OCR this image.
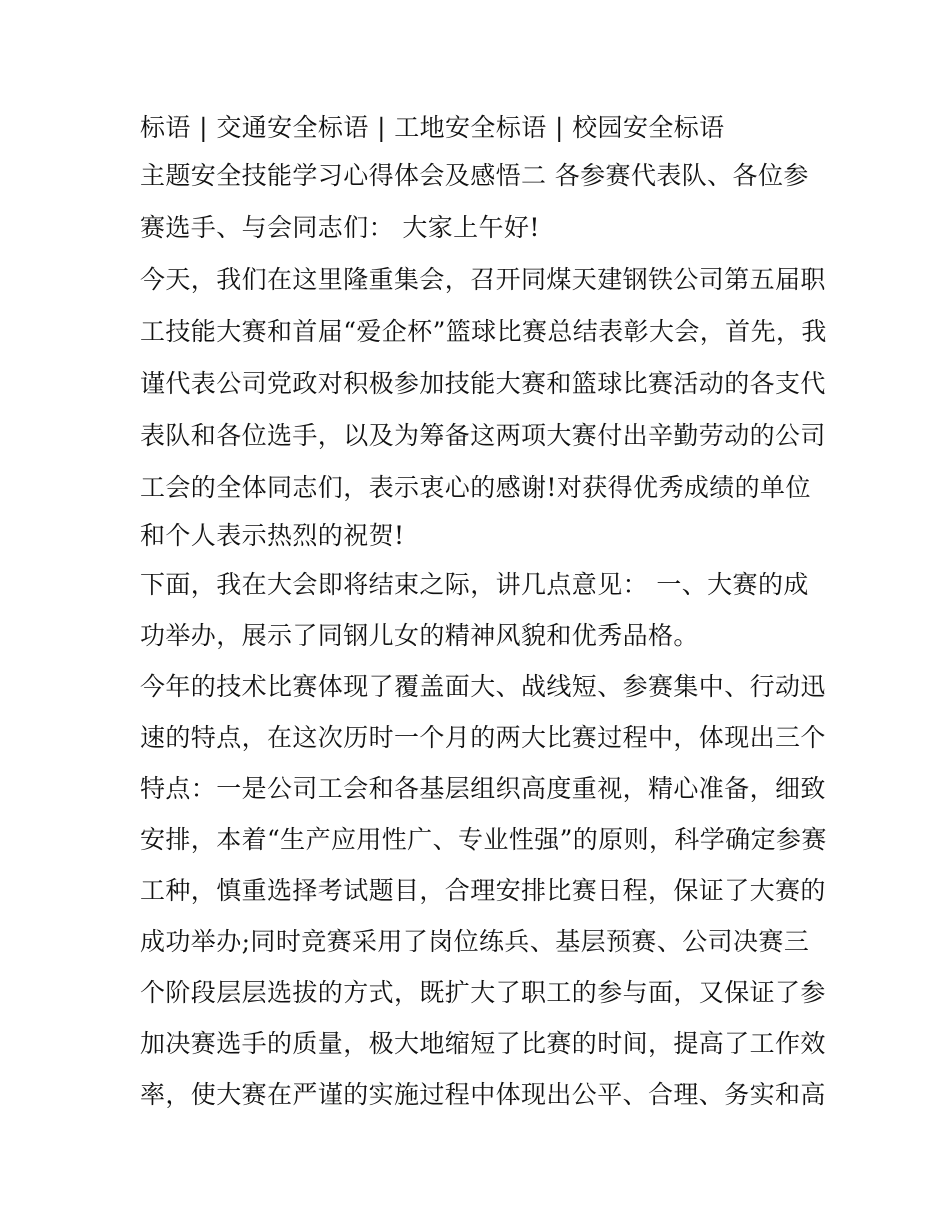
标语 | 交通安全标语 | 工地安全标语 | 校园安全标语
主题安全技能学习心得体会及感悟二 各参赛代表队、各位参
赛选手、与会同志们： 大家上午好!
今天，我们在这里隆重集会，召开同煤天建钢铁公司第五届职
工技能大赛和首届“爱企杯”篮球比赛总结表彰大会，首先，我
谨代表公司党政对积极参加技能大赛和篮球比赛活动的各支代
表队和各位选手，以及为筹备这两项大赛付出辛勤劳动的公司
工会的全体同志们，表示衷心的感谢!对获得优秀成绩的单位
和个人表示热烈的祝贺!
下面，我在大会即将结束之际，讲几点意见： 一、大赛的成
功举办，展示了同钢儿女的精神风貌和优秀品格。
今年的技术比赛体现了覆盖面大、战线短、参赛集中、行动迅
速的特点，在这次历时一个月的两大比赛过程中，体现出三个
特点：一是公司工会和各基层组织高度重视，精心准备，细致
安排，本着“生产应用性广、专业性强”的原则，科学确定参赛
工种，慎重选择考试题目，合理安排比赛日程，保证了大赛的
成功举办;同时竞赛采用了岗位练兵、基层预赛、公司决赛三
个阶段层层选拔的方式，既扩大了职工的参与面，又保证了参
加决赛选手的质量，极大地缩短了比赛的时间，提高了工作效
率，使大赛在严谨的实施过程中体现出公平、合理、务实和高
